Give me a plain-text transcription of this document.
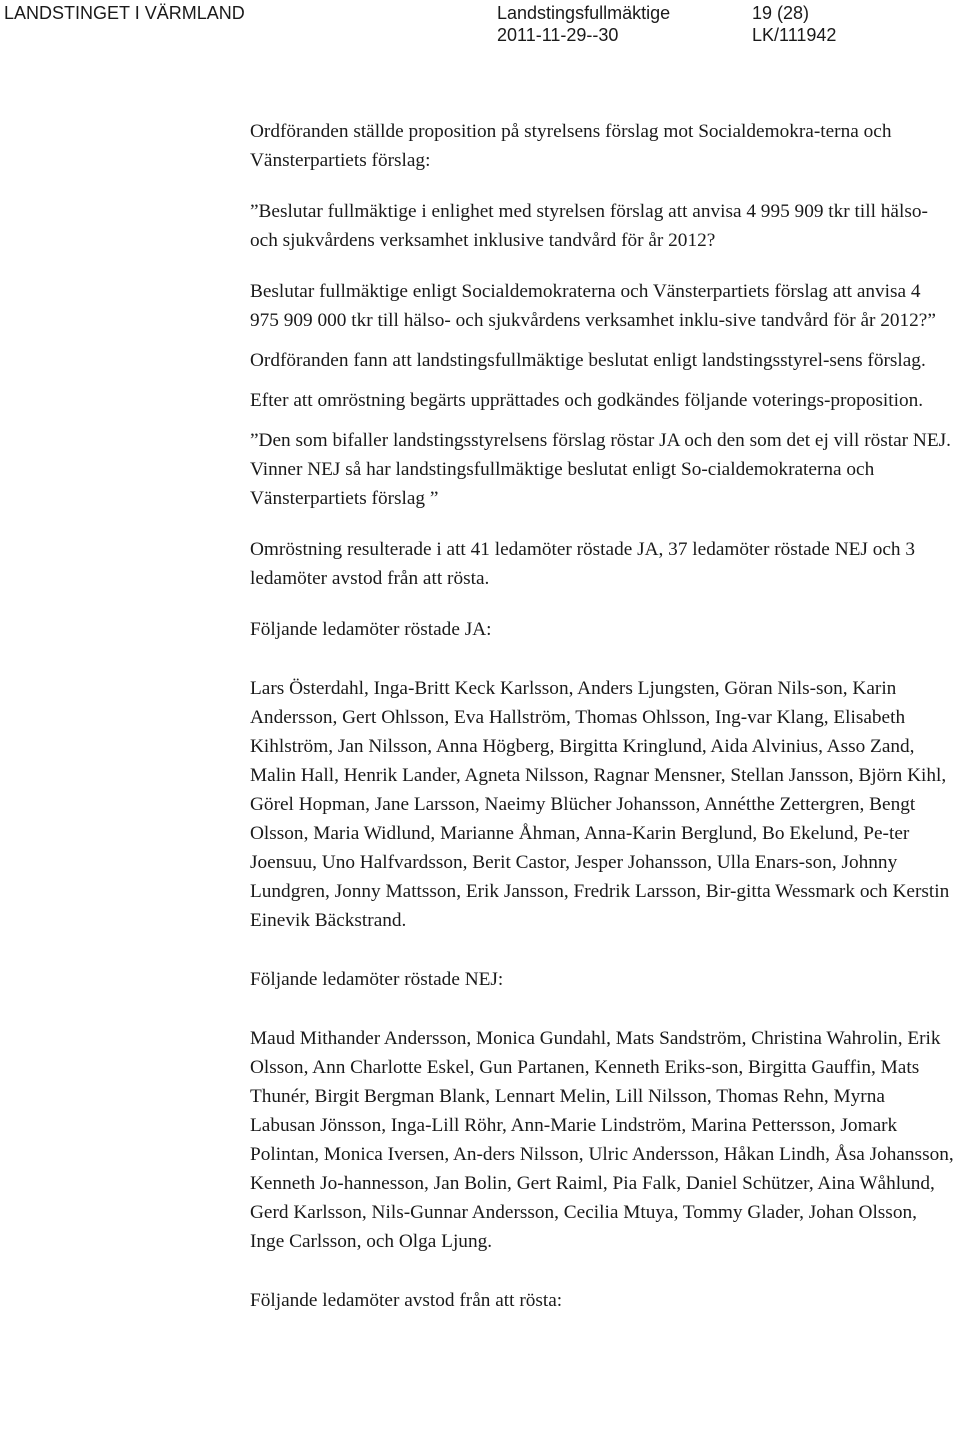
LANDSTINGET I VÄRMLAND	Landstingsfullmäktige	19 (28)
2011-11-29--30	LK/111942

Ordföranden ställde proposition på styrelsens förslag mot Socialdemokra-terna och Vänsterpartiets förslag:

”Beslutar fullmäktige i enlighet med styrelsen förslag att anvisa 4 995 909 tkr till hälso-och sjukvårdens verksamhet inklusive tandvård för år 2012?

Beslutar fullmäktige enligt Socialdemokraterna och Vänsterpartiets förslag att anvisa 4 975 909 000 tkr till hälso- och sjukvårdens verksamhet inklu-sive tandvård för år 2012?”

Ordföranden fann att landstingsfullmäktige beslutat enligt landstingsstyrel-sens förslag.

Efter att omröstning begärts upprättades och godkändes följande voterings-proposition.

”Den som bifaller landstingsstyrelsens förslag röstar JA och den som det ej vill röstar NEJ. Vinner NEJ så har landstingsfullmäktige beslutat enligt So-cialdemokraterna och Vänsterpartiets förslag ”

Omröstning resulterade i att 41 ledamöter röstade JA, 37 ledamöter röstade NEJ och 3 ledamöter avstod från att rösta.

Följande ledamöter röstade JA:

Lars Österdahl, Inga-Britt Keck Karlsson, Anders Ljungsten, Göran Nils-son, Karin Andersson, Gert Ohlsson, Eva Hallström, Thomas Ohlsson, Ing-var Klang, Elisabeth Kihlström, Jan Nilsson, Anna Högberg, Birgitta Kringlund, Aida Alvinius, Asso Zand, Malin Hall, Henrik Lander, Agneta Nilsson, Ragnar Mensner, Stellan Jansson, Björn Kihl, Görel Hopman, Jane Larsson, Naeimy Blücher Johansson, Annétthe Zettergren, Bengt Olsson, Maria Widlund, Marianne Åhman, Anna-Karin Berglund, Bo Ekelund, Pe-ter Joensuu, Uno Halfvardsson, Berit Castor, Jesper Johansson, Ulla Enars-son, Johnny Lundgren, Jonny Mattsson, Erik Jansson, Fredrik Larsson, Bir-gitta Wessmark och Kerstin Einevik Bäckstrand.

Följande ledamöter röstade NEJ:

Maud Mithander Andersson, Monica Gundahl, Mats Sandström, Christina Wahrolin, Erik Olsson, Ann Charlotte Eskel, Gun Partanen, Kenneth Eriks-son, Birgitta Gauffin, Mats Thunér, Birgit Bergman Blank, Lennart Melin, Lill Nilsson, Thomas Rehn, Myrna Labusan Jönsson, Inga-Lill Röhr, Ann-Marie Lindström, Marina Pettersson, Jomark Polintan, Monica Iversen, An-ders Nilsson, Ulric Andersson, Håkan Lindh, Åsa Johansson, Kenneth Jo-hannesson, Jan Bolin, Gert Raiml, Pia Falk, Daniel Schützer, Aina Wåhlund, Gerd Karlsson, Nils-Gunnar Andersson, Cecilia Mtuya, Tommy Glader, Johan Olsson, Inge Carlsson, och Olga Ljung.

Följande ledamöter avstod från att rösta:
